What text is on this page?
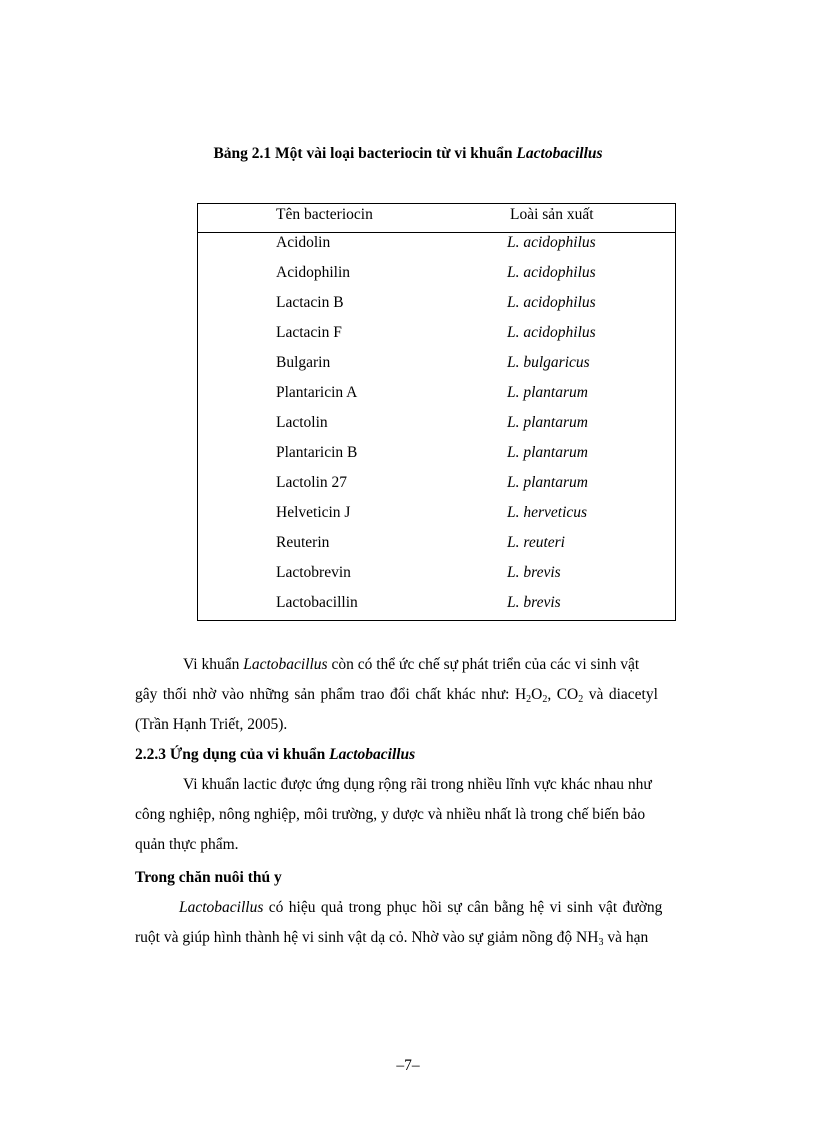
Bảng 2.1 Một vài loại bacteriocin từ vi khuẩn Lactobacillus
Tên bacteriocin	Loài sản xuất
Acidolin	L. acidophilus
Acidophilin	L. acidophilus
Lactacin B	L. acidophilus
Lactacin F	L. acidophilus
Bulgarin	L. bulgaricus
Plantaricin A	L. plantarum
Lactolin	L. plantarum
Plantaricin B	L. plantarum
Lactolin 27	L. plantarum
Helveticin J	L. herveticus
Reuterin	L. reuteri
Lactobrevin	L. brevis
Lactobacillin	L. brevis
Vi khuẩn Lactobacillus còn có thể ức chế sự phát triển của các vi sinh vật
gây thối nhờ vào những sản phẩm trao đổi chất khác như: $H_2O_2$, $CO_2$ và diacetyl
(Trần Hạnh Triết, 2005).
2.2.3 Ứng dụng của vi khuẩn Lactobacillus
Vi khuẩn lactic được ứng dụng rộng rãi trong nhiều lĩnh vực khác nhau như
công nghiệp, nông nghiệp, môi trường, y dược và nhiều nhất là trong chế biến bảo
quản thực phẩm.
Trong chăn nuôi thú y
Lactobacillus có hiệu quả trong phục hồi sự cân bằng hệ vi sinh vật đường
ruột và giúp hình thành hệ vi sinh vật dạ cỏ. Nhờ vào sự giảm nồng độ $NH_3$ và hạn
–7–
